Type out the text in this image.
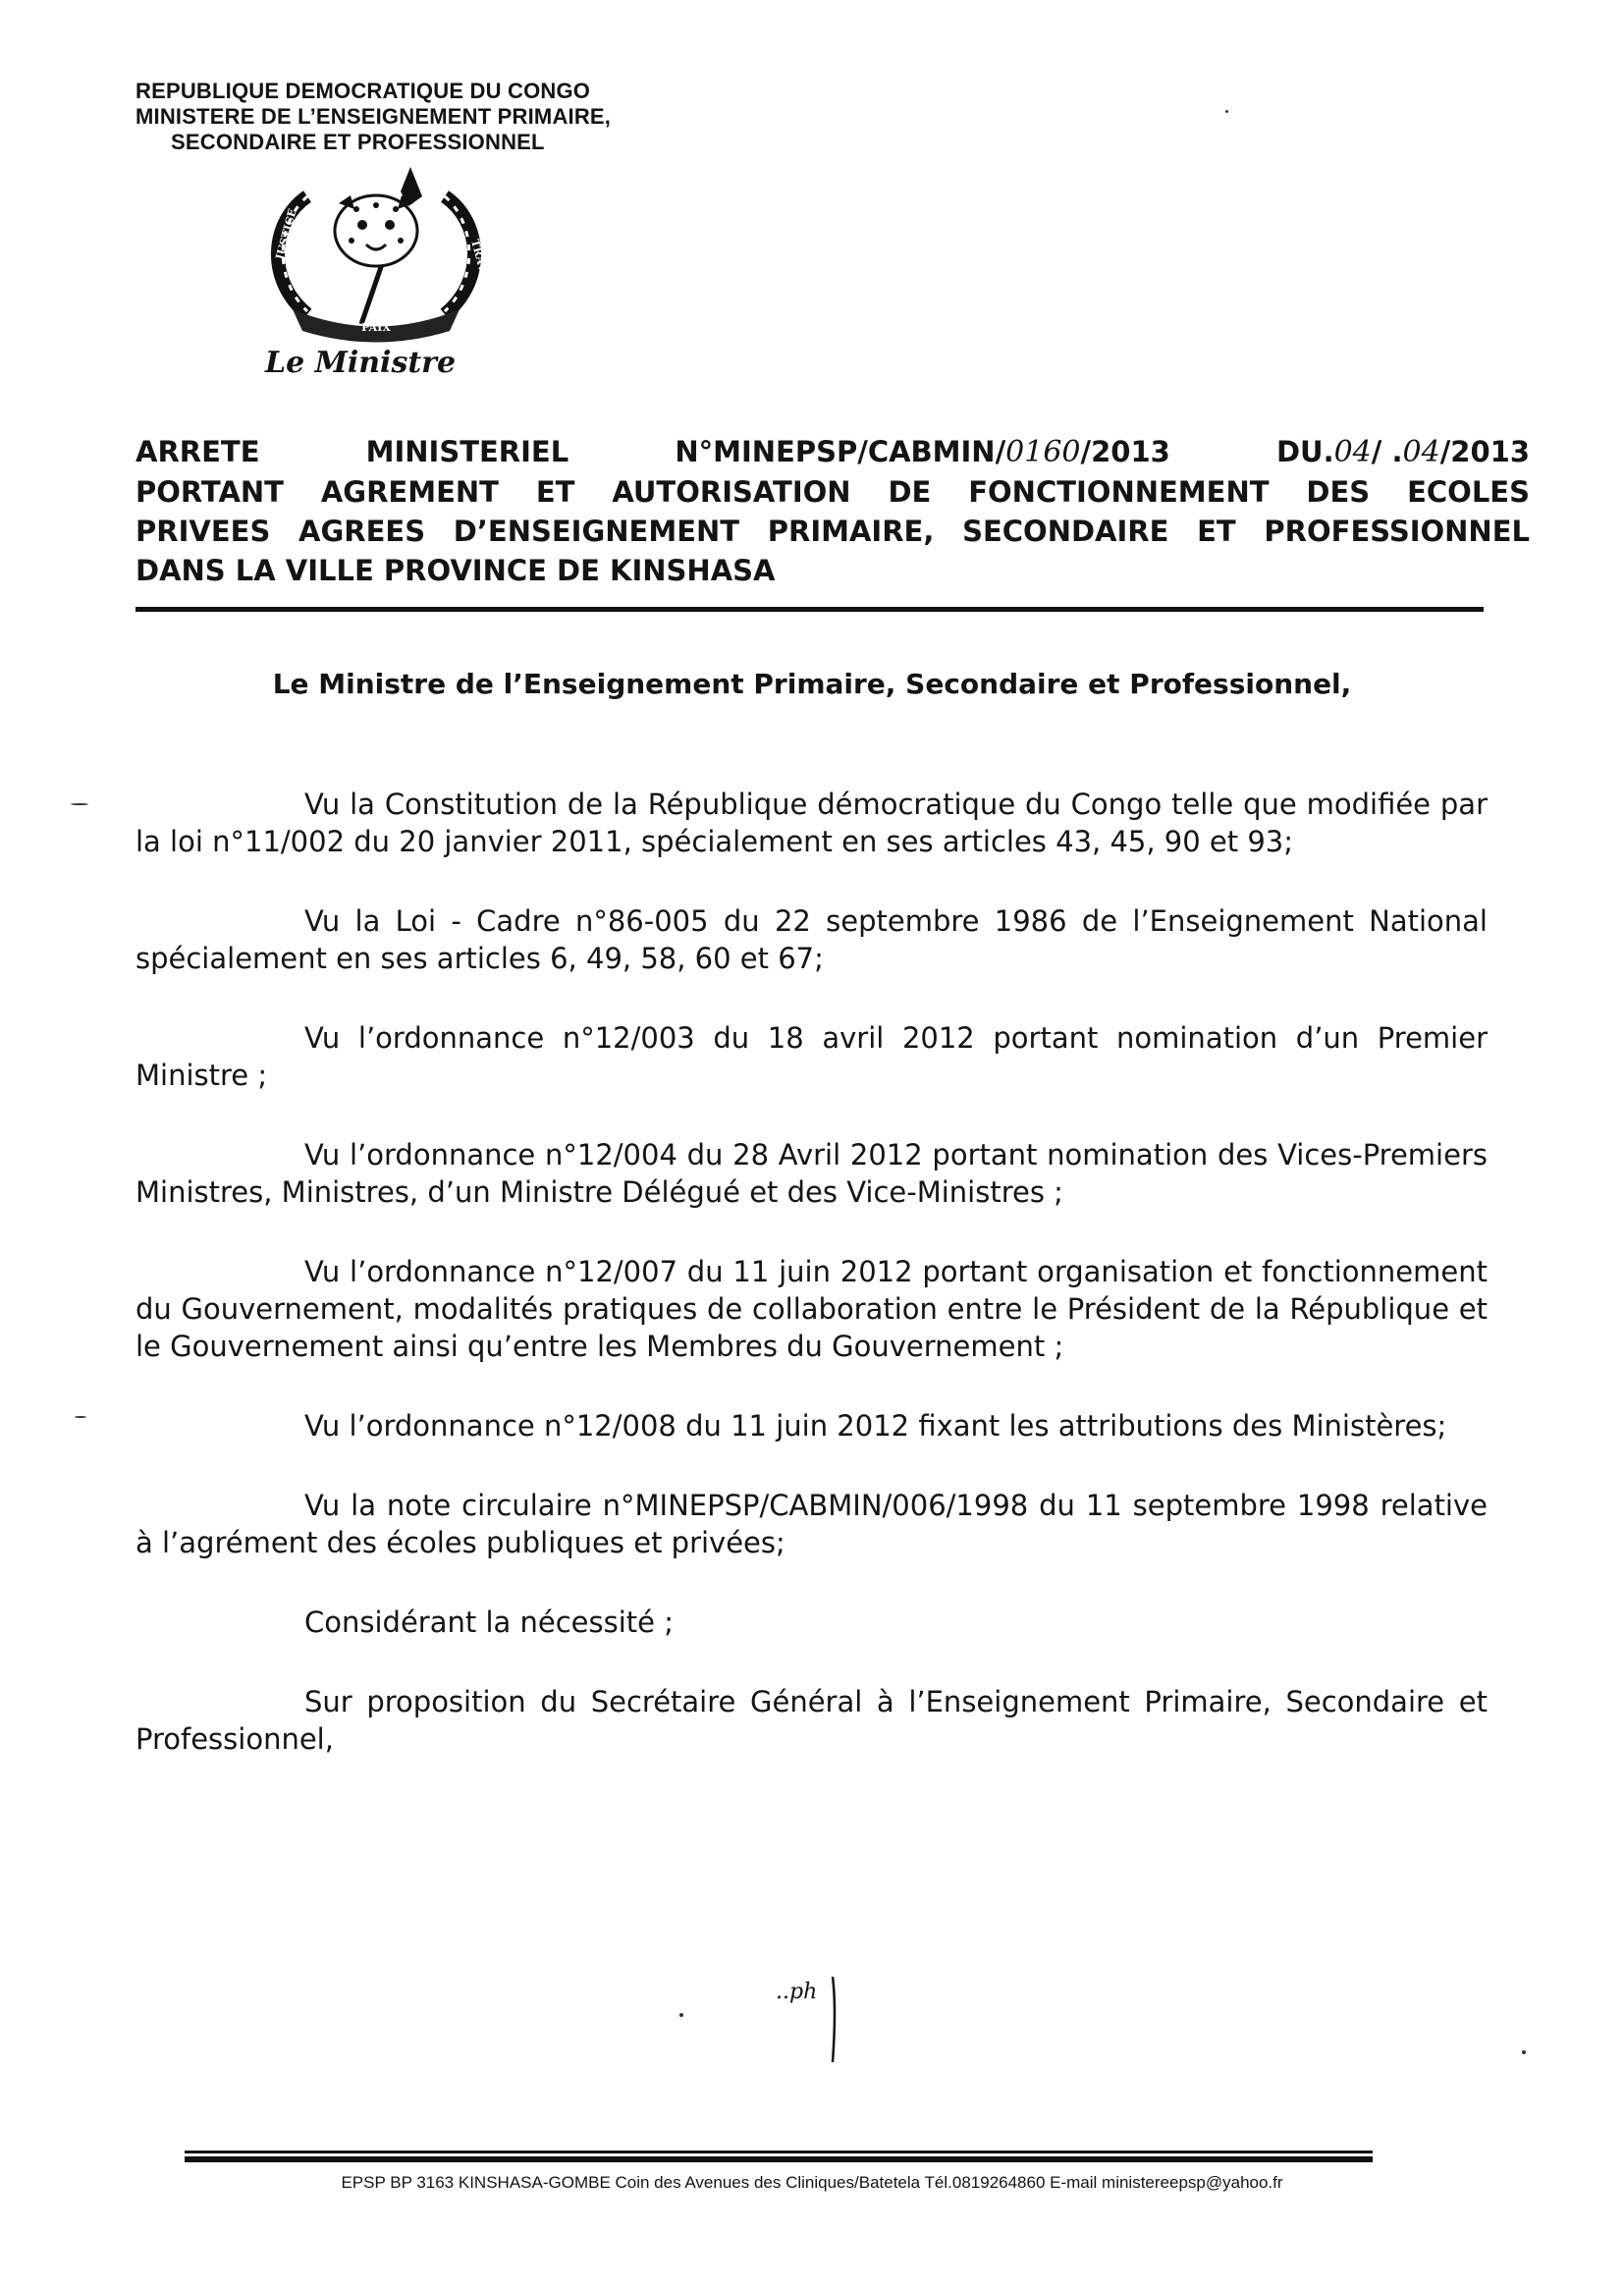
REPUBLIQUE DEMOCRATIQUE DU CONGO
MINISTERE DE L’ENSEIGNEMENT PRIMAIRE,
SECONDAIRE ET PROFESSIONNEL
PAIX
JUSTICE
TRAVAIL
Le Ministre
ARRETE	MINISTERIEL	N°MINEPSP/CABMIN/0160/2013	DU.04/ .04/2013
PORTANT AGREMENT ET AUTORISATION DE FONCTIONNEMENT DES ECOLES
PRIVEES AGREES D’ENSEIGNEMENT PRIMAIRE, SECONDAIRE ET PROFESSIONNEL
DANS LA VILLE PROVINCE DE KINSHASA
Le Ministre de l’Enseignement Primaire, Secondaire et Professionnel,

Vu la Constitution de la République démocratique du Congo telle que modifiée par la loi n°11/002 du 20 janvier 2011, spécialement en ses articles 43, 45, 90 et 93;

Vu la Loi - Cadre n°86-005 du 22 septembre 1986 de l’Enseignement National spécialement en ses articles 6, 49, 58, 60 et 67;

Vu l’ordonnance n°12/003 du 18 avril 2012 portant nomination d’un Premier Ministre ;

Vu l’ordonnance n°12/004 du 28 Avril 2012 portant nomination des Vices-Premiers Ministres, Ministres, d’un Ministre Délégué et des Vice-Ministres ;

Vu l’ordonnance n°12/007 du 11 juin 2012 portant organisation et fonctionnement du Gouvernement, modalités pratiques de collaboration entre le Président de la République et le Gouvernement ainsi qu’entre les Membres du Gouvernement ;

Vu l’ordonnance n°12/008 du 11 juin 2012 fixant les attributions des Ministères;

Vu la note circulaire n°MINEPSP/CABMIN/006/1998 du 11 septembre 1998 relative à l’agrément des écoles publiques et privées;

Considérant la nécessité ;

Sur proposition du Secrétaire Général à l’Enseignement Primaire, Secondaire et Professionnel,

..ph
EPSP BP 3163 KINSHASA-GOMBE Coin des Avenues des Cliniques/Batetela Tél.0819264860 E-mail ministereepsp@yahoo.fr
